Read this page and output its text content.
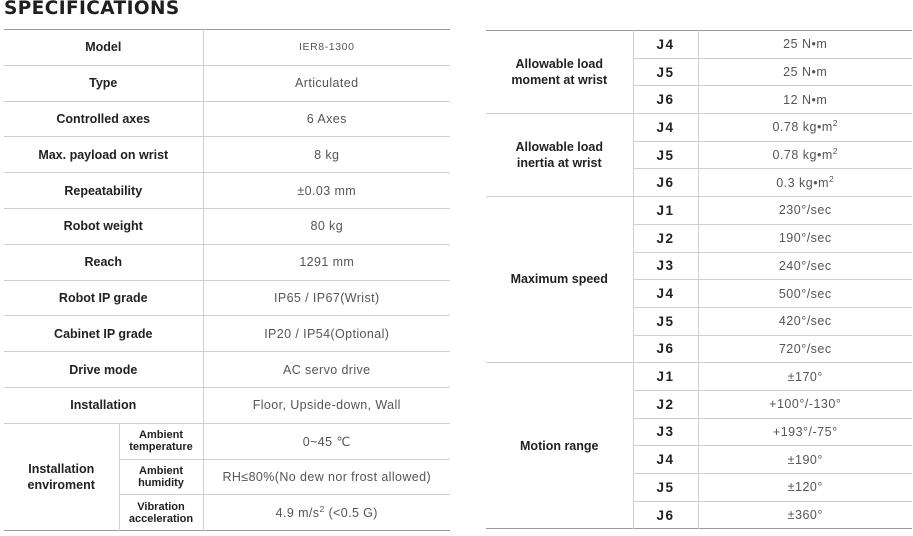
SPECIFICATIONS
Model		IER8-1300
Type		Articulated
Controlled axes		6 Axes
Max. payload on wrist		8 kg
Repeatability		±0.03 mm
Robot weight		80 kg
Reach		1291 mm
Robot IP grade		IP65 / IP67(Wrist)
Cabinet IP grade		IP20 / IP54(Optional)
Drive mode		AC servo drive
Installation		Floor, Upside-down, Wall

Installation enviroment	Ambient temperature	0~45 ℃
	Ambient humidity	RH≤80%(No dew nor frost allowed)
	Vibration acceleration	4.9 $m/s^2$ (<0.5 G)
Allowable load moment at wrist	J4	25 N•m
	J5	25 N•m
	J6	12 N•m

Allowable load inertia at wrist	J4	0.78 $kg•m^2$
	J5	0.78 $kg•m^2$
	J6	0.3 $kg•m^2$

Maximum speed	J1	230°/sec
	J2	190°/sec
	J3	240°/sec
	J4	500°/sec
	J5	420°/sec
	J6	720°/sec

Motion range	J1	±170°
	J2	+100°/-130°
	J3	+193°/-75°
	J4	±190°
	J5	±120°
	J6	±360°
